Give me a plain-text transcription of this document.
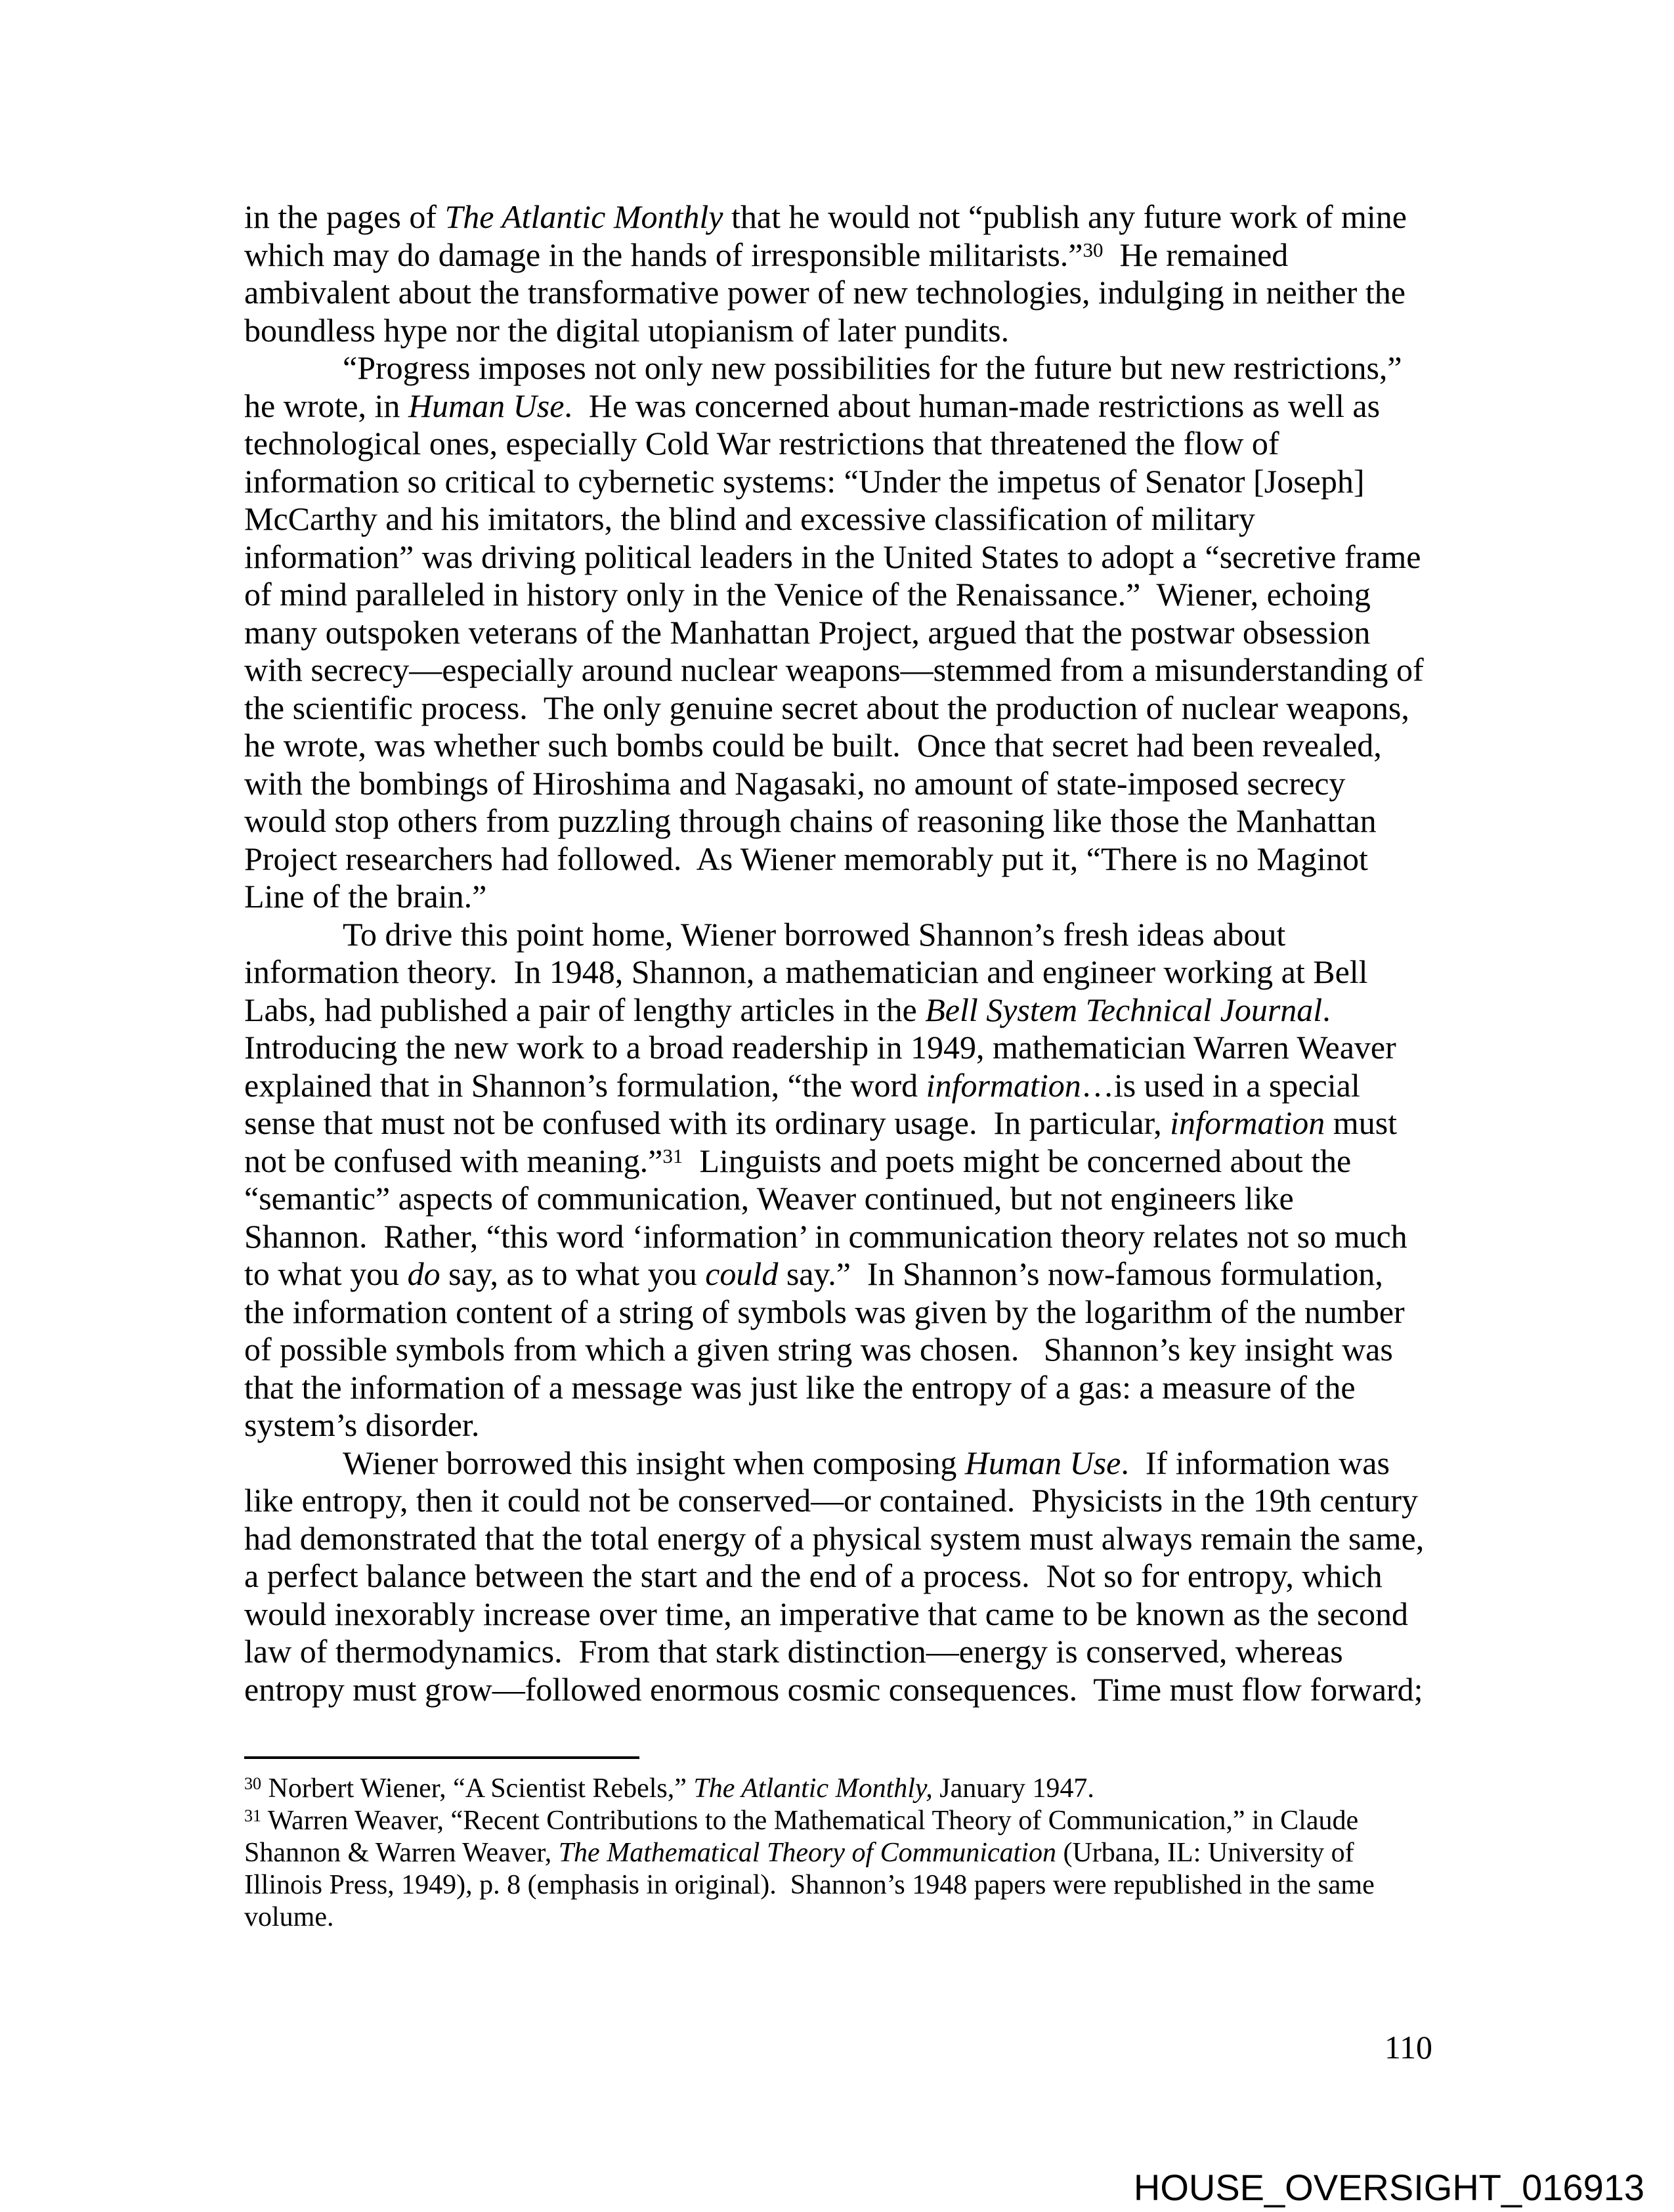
in the pages of The Atlantic Monthly that he would not “publish any future work of mine
which may do damage in the hands of irresponsible militarists.”$^{30}$  He remained
ambivalent about the transformative power of new technologies, indulging in neither the
boundless hype nor the digital utopianism of later pundits.
“Progress imposes not only new possibilities for the future but new restrictions,”
he wrote, in Human Use.  He was concerned about human-made restrictions as well as
technological ones, especially Cold War restrictions that threatened the flow of
information so critical to cybernetic systems: “Under the impetus of Senator [Joseph]
McCarthy and his imitators, the blind and excessive classification of military
information” was driving political leaders in the United States to adopt a “secretive frame
of mind paralleled in history only in the Venice of the Renaissance.”  Wiener, echoing
many outspoken veterans of the Manhattan Project, argued that the postwar obsession
with secrecy—especially around nuclear weapons—stemmed from a misunderstanding of
the scientific process.  The only genuine secret about the production of nuclear weapons,
he wrote, was whether such bombs could be built.  Once that secret had been revealed,
with the bombings of Hiroshima and Nagasaki, no amount of state-imposed secrecy
would stop others from puzzling through chains of reasoning like those the Manhattan
Project researchers had followed.  As Wiener memorably put it, “There is no Maginot
Line of the brain.”
To drive this point home, Wiener borrowed Shannon’s fresh ideas about
information theory.  In 1948, Shannon, a mathematician and engineer working at Bell
Labs, had published a pair of lengthy articles in the Bell System Technical Journal.
Introducing the new work to a broad readership in 1949, mathematician Warren Weaver
explained that in Shannon’s formulation, “the word information…is used in a special
sense that must not be confused with its ordinary usage.  In particular, information must
not be confused with meaning.”$^{31}$  Linguists and poets might be concerned about the
“semantic” aspects of communication, Weaver continued, but not engineers like
Shannon.  Rather, “this word ‘information’ in communication theory relates not so much
to what you do say, as to what you could say.”  In Shannon’s now-famous formulation,
the information content of a string of symbols was given by the logarithm of the number
of possible symbols from which a given string was chosen.   Shannon’s key insight was
that the information of a message was just like the entropy of a gas: a measure of the
system’s disorder.
Wiener borrowed this insight when composing Human Use.  If information was
like entropy, then it could not be conserved—or contained.  Physicists in the 19th century
had demonstrated that the total energy of a physical system must always remain the same,
a perfect balance between the start and the end of a process.  Not so for entropy, which
would inexorably increase over time, an imperative that came to be known as the second
law of thermodynamics.  From that stark distinction—energy is conserved, whereas
entropy must grow—followed enormous cosmic consequences.  Time must flow forward;
$^{30}$ Norbert Wiener, “A Scientist Rebels,” The Atlantic Monthly, January 1947.
$^{31}$ Warren Weaver, “Recent Contributions to the Mathematical Theory of Communication,” in Claude
Shannon & Warren Weaver, The Mathematical Theory of Communication (Urbana, IL: University of
Illinois Press, 1949), p. 8 (emphasis in original).  Shannon’s 1948 papers were republished in the same
volume.
110
HOUSE_OVERSIGHT_016913
